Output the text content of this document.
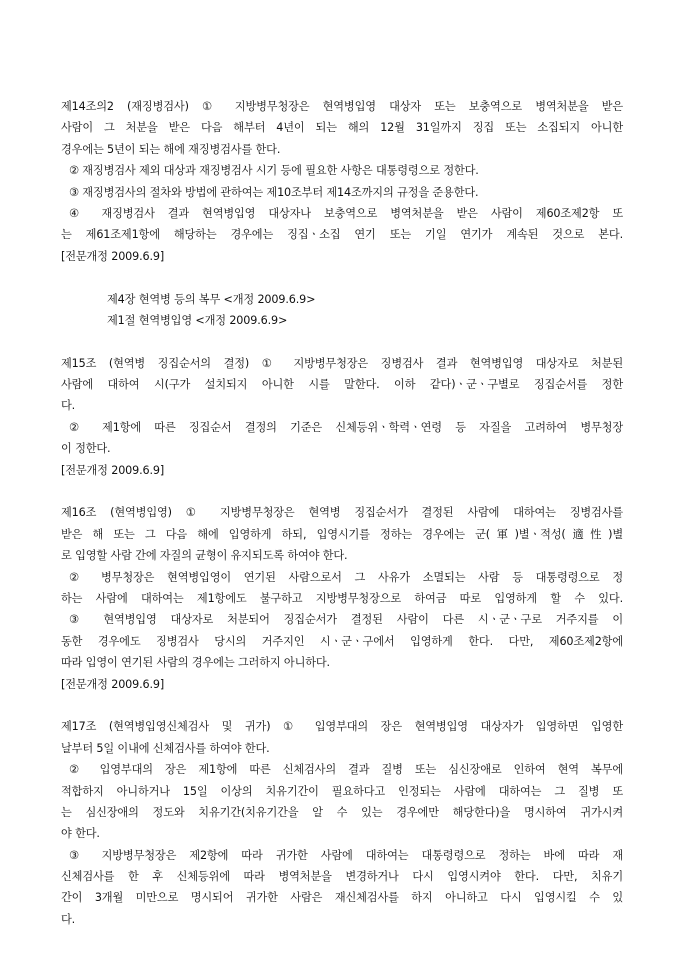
제14조의2 (재징병검사) ① 지방병무청장은 현역병입영 대상자 또는 보충역으로 병역처분을 받은
사람이 그 처분을 받은 다음 해부터 4년이 되는 해의 12월 31일까지 징집 또는 소집되지 아니한
경우에는 5년이 되는 해에 재징병검사를 한다.
② 재징병검사 제외 대상과 재징병검사 시기 등에 필요한 사항은 대통령령으로 정한다.
③ 재징병검사의 절차와 방법에 관하여는 제10조부터 제14조까지의 규정을 준용한다.
④ 재징병검사 결과 현역병입영 대상자나 보충역으로 병역처분을 받은 사람이 제60조제2항 또
는 제61조제1항에 해당하는 경우에는 징집ㆍ소집 연기 또는 기일 연기가 계속된 것으로 본다.
[전문개정 2009.6.9]
제4장 현역병 등의 복무 <개정 2009.6.9>
제1절 현역병입영 <개정 2009.6.9>
제15조 (현역병 징집순서의 결정) ① 지방병무청장은 징병검사 결과 현역병입영 대상자로 처분된
사람에 대하여 시(구가 설치되지 아니한 시를 말한다. 이하 같다)ㆍ군ㆍ구별로 징집순서를 정한
다.
② 제1항에 따른 징집순서 결정의 기준은 신체등위ㆍ학력ㆍ연령 등 자질을 고려하여 병무청장
이 정한다.
[전문개정 2009.6.9]
제16조 (현역병입영) ① 지방병무청장은 현역병 징집순서가 결정된 사람에 대하여는 징병검사를
받은 해 또는 그 다음 해에 입영하게 하되, 입영시기를 정하는 경우에는 군(軍)별ㆍ적성(適性)별
로 입영할 사람 간에 자질의 균형이 유지되도록 하여야 한다.
② 병무청장은 현역병입영이 연기된 사람으로서 그 사유가 소멸되는 사람 등 대통령령으로 정
하는 사람에 대하여는 제1항에도 불구하고 지방병무청장으로 하여금 따로 입영하게 할 수 있다.
③ 현역병입영 대상자로 처분되어 징집순서가 결정된 사람이 다른 시ㆍ군ㆍ구로 거주지를 이
동한 경우에도 징병검사 당시의 거주지인 시ㆍ군ㆍ구에서 입영하게 한다. 다만, 제60조제2항에
따라 입영이 연기된 사람의 경우에는 그러하지 아니하다.
[전문개정 2009.6.9]
제17조 (현역병입영신체검사 및 귀가) ① 입영부대의 장은 현역병입영 대상자가 입영하면 입영한
날부터 5일 이내에 신체검사를 하여야 한다.
② 입영부대의 장은 제1항에 따른 신체검사의 결과 질병 또는 심신장애로 인하여 현역 복무에
적합하지 아니하거나 15일 이상의 치유기간이 필요하다고 인정되는 사람에 대하여는 그 질병 또
는 심신장애의 정도와 치유기간(치유기간을 알 수 있는 경우에만 해당한다)을 명시하여 귀가시켜
야 한다.
③ 지방병무청장은 제2항에 따라 귀가한 사람에 대하여는 대통령령으로 정하는 바에 따라 재
신체검사를 한 후 신체등위에 따라 병역처분을 변경하거나 다시 입영시켜야 한다. 다만, 치유기
간이 3개월 미만으로 명시되어 귀가한 사람은 재신체검사를 하지 아니하고 다시 입영시킬 수 있
다.
